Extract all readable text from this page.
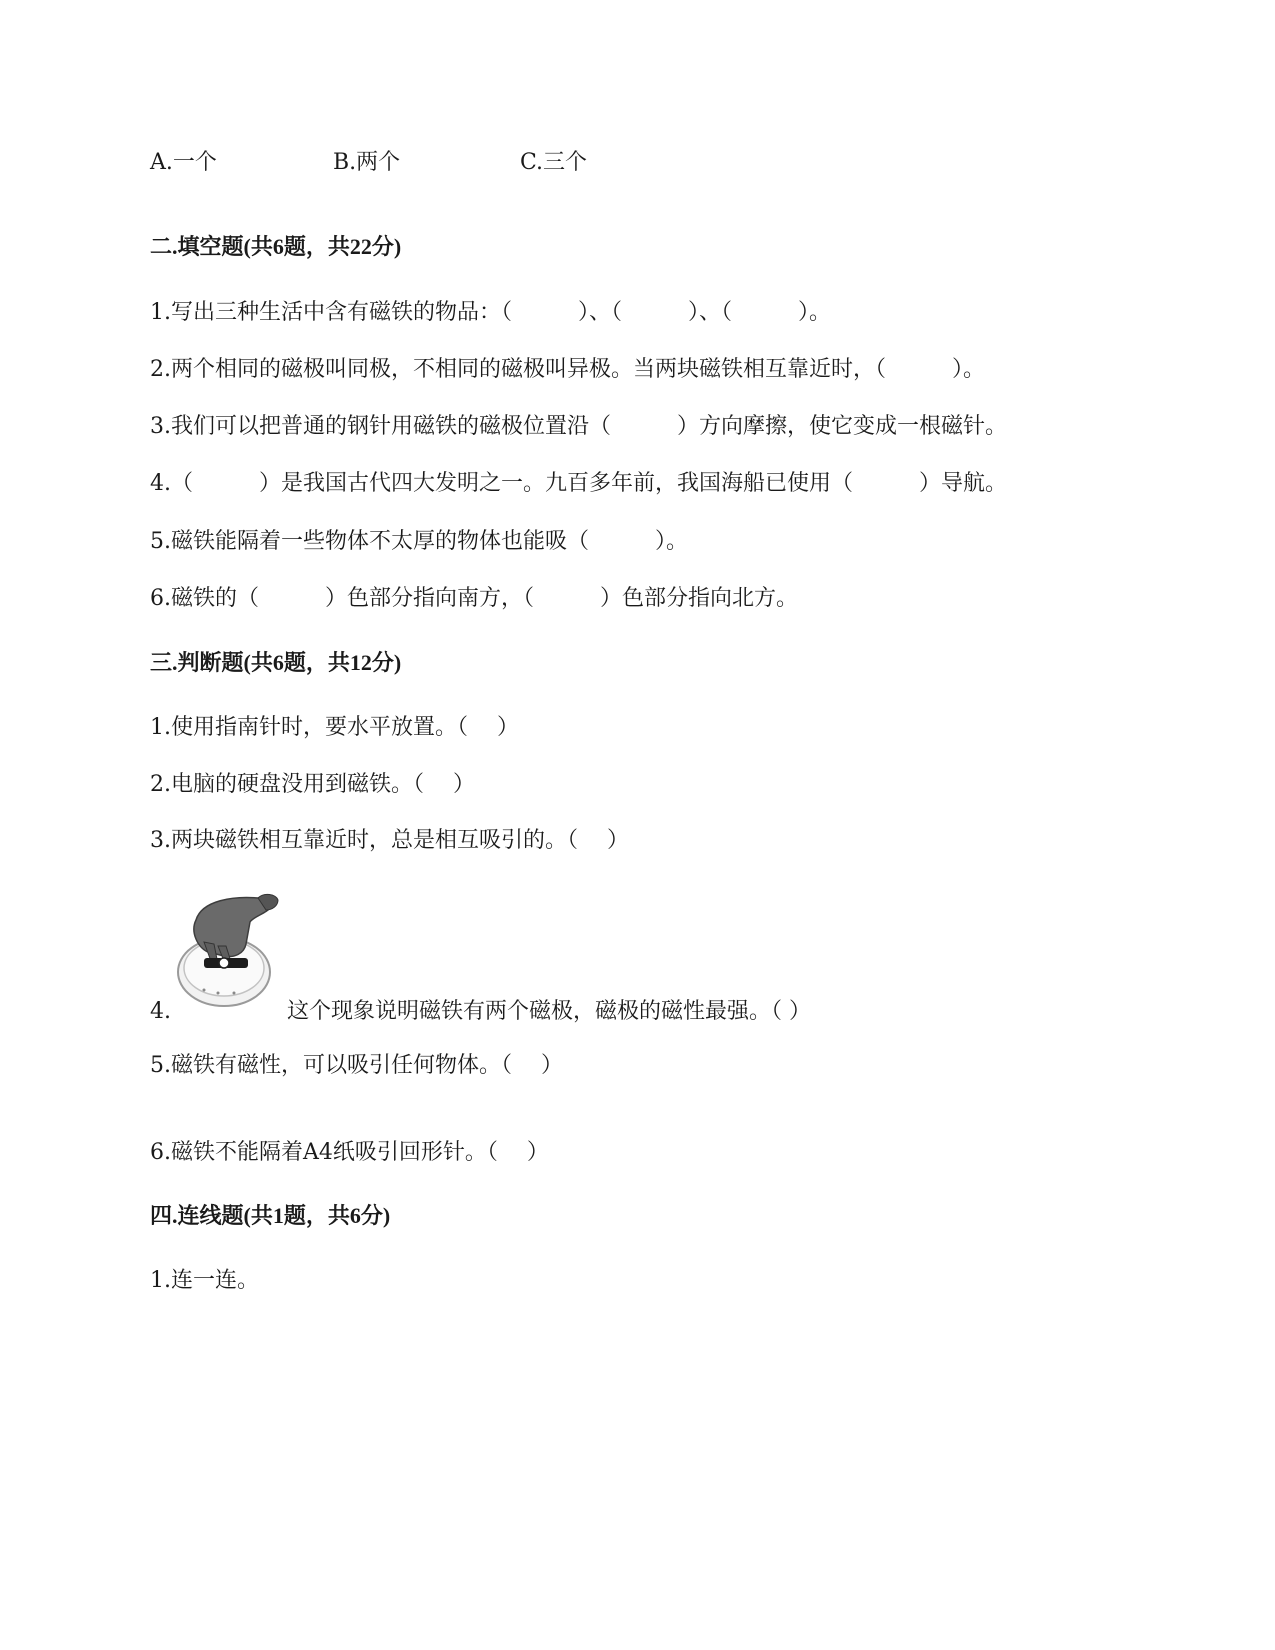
A.一个	B.两个	C.三个
二.填空题(共6题，共22分)
1.写出三种生活中含有磁铁的物品：（　　　）、（　　　）、（　　　）。
2.两个相同的磁极叫同极，不相同的磁极叫异极。当两块磁铁相互靠近时，（　　　）。
3.我们可以把普通的钢针用磁铁的磁极位置沿（　　　）方向摩擦，使它变成一根磁针。
4.（　　　）是我国古代四大发明之一。九百多年前，我国海船已使用（　　　）导航。
5.磁铁能隔着一些物体不太厚的物体也能吸（　　　）。
6.磁铁的（　　　）色部分指向南方，（　　　）色部分指向北方。
三.判断题(共6题，共12分)
1.使用指南针时，要水平放置。（　 ）
2.电脑的硬盘没用到磁铁。（　 ）
3.两块磁铁相互靠近时，总是相互吸引的。（　 ）
4.	这个现象说明磁铁有两个磁极，磁极的磁性最强。（ ）
5.磁铁有磁性，可以吸引任何物体。（　 ）
6.磁铁不能隔着A4纸吸引回形针。（　 ）
四.连线题(共1题，共6分)
1.连一连。
